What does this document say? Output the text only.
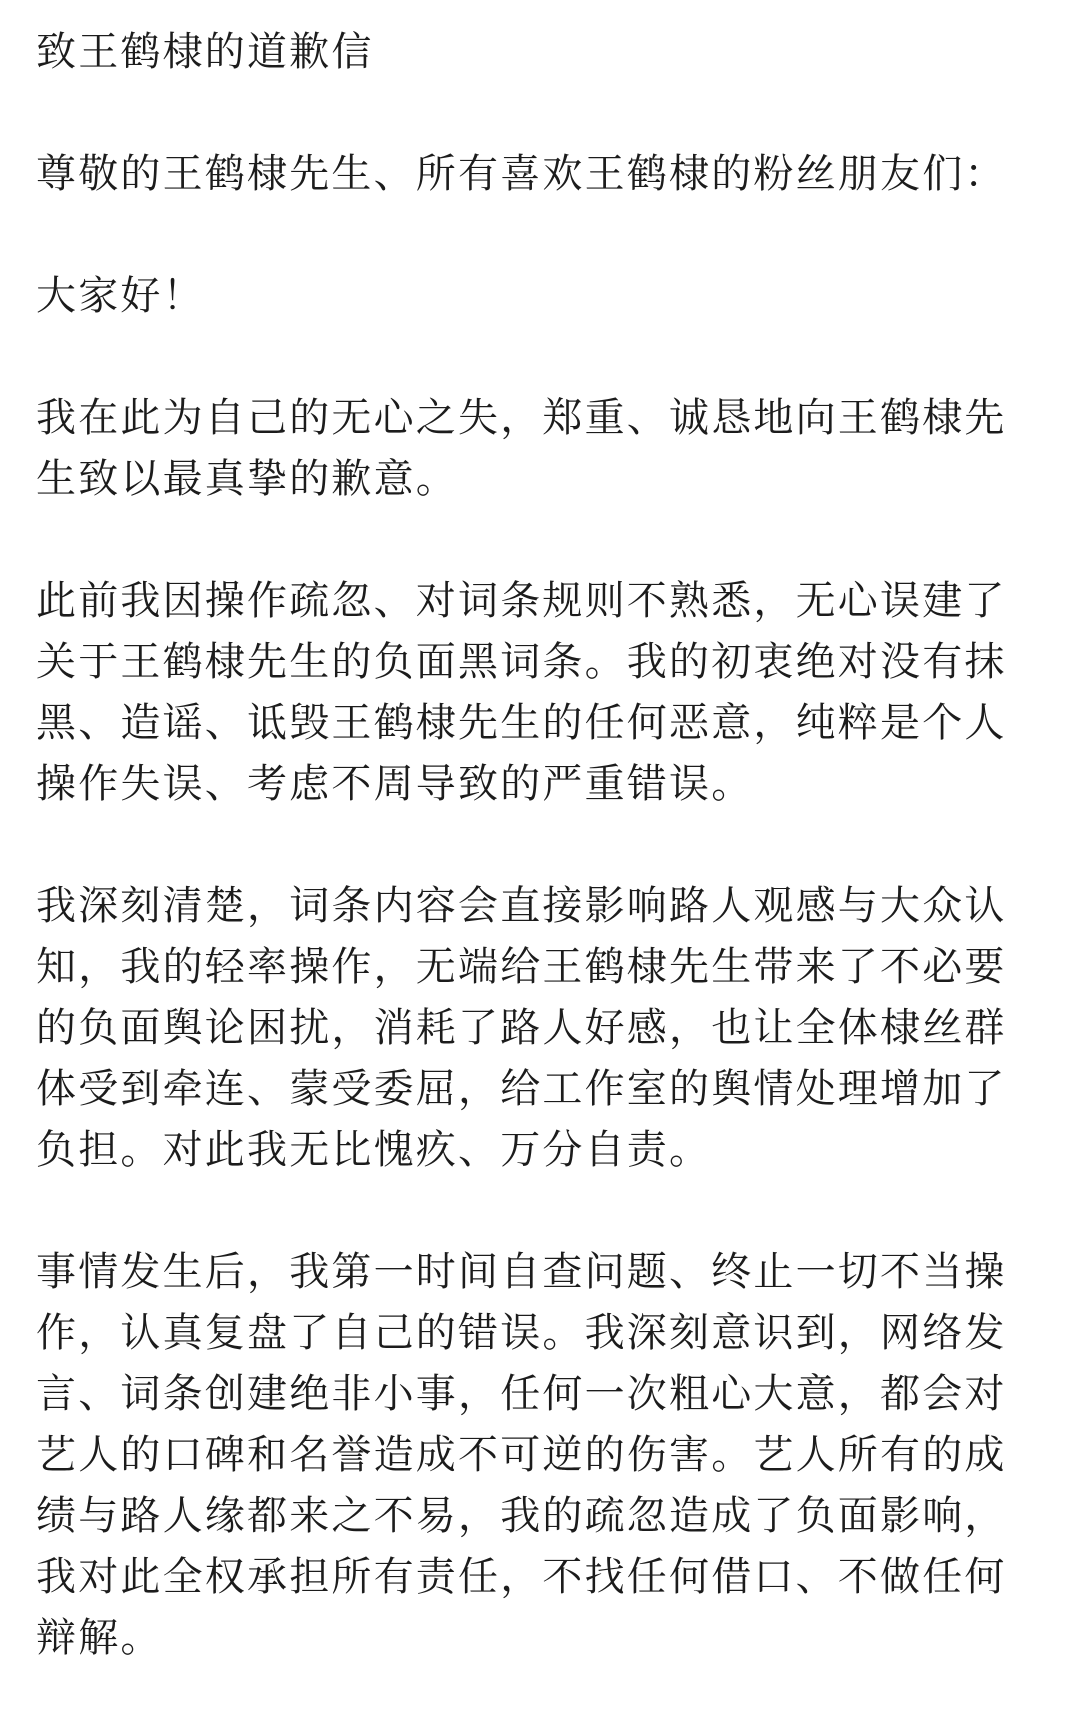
致王鹤棣的道歉信
尊敬的王鹤棣先生、所有喜欢王鹤棣的粉丝朋友们：
大家好！
我在此为自己的无心之失，郑重、诚恳地向王鹤棣先生致以最真挚的歉意。
此前我因操作疏忽、对词条规则不熟悉，无心误建了关于王鹤棣先生的负面黑词条。我的初衷绝对没有抹黑、造谣、诋毁王鹤棣先生的任何恶意，纯粹是个人操作失误、考虑不周导致的严重错误。
我深刻清楚，词条内容会直接影响路人观感与大众认知，我的轻率操作，无端给王鹤棣先生带来了不必要的负面舆论困扰，消耗了路人好感，也让全体棣丝群体受到牵连、蒙受委屈，给工作室的舆情处理增加了负担。对此我无比愧疚、万分自责。
事情发生后，我第一时间自查问题、终止一切不当操作，认真复盘了自己的错误。我深刻意识到，网络发言、词条创建绝非小事，任何一次粗心大意，都会对艺人的口碑和名誉造成不可逆的伤害。艺人所有的成绩与路人缘都来之不易，我的疏忽造成了负面影响，我对此全权承担所有责任，不找任何借口、不做任何辩解。
